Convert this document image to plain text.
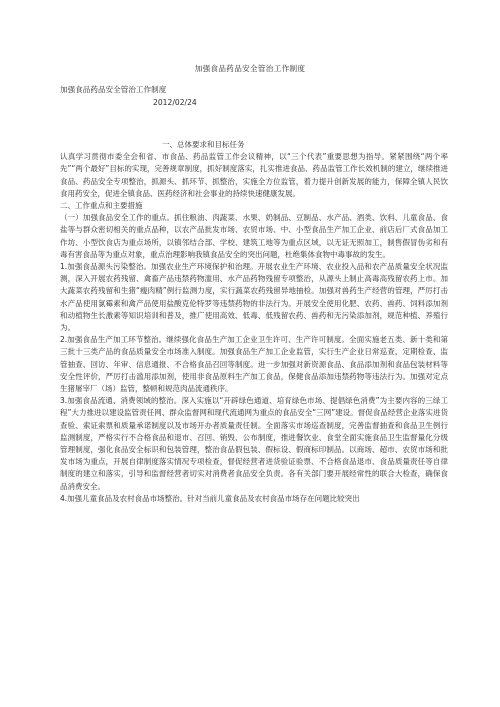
加强食品药品安全管治工作制度
加强食品药品安全管治工作制度
2012/02/24

一、总体要求和目标任务

认真学习贯彻市委全会和省、市食品、药品监管工作会议精神，以“三个代表”重要思想为指导。紧紧围绕“两个率先”“两个最好”目标的实现，完善规章制度，抓好制度落实，扎实推进食品、药品监管工作长效机制的建立，继续推进食品、药品安全专项整治，抓源头、抓环节、抓整治，实施全方位监管，着力提升创新发展的能力，保障全镇人民饮食用药安全，促进全镇食品、医药经济和社会事业的持续快速健康发展。

二、工作重点和主要措施

（一）加强食品安全工作的重点。抓住粮油、肉蔬菜、水果、奶制品、豆制品、水产品、酒类、饮料、儿童食品、食盐等与群众密切相关的重点品种，以农产品批发市场、农贸市场、中、小型食品生产加工企业、前店后厂式食品加工作坊、小型饮食店为重点场所，以镇邻结合部、学校、建筑工地等为重点区域，以无证无照加工，制售假冒伪劣和有毒有害食品等为重点对象，重点治理影响我镇食品安全的突出问题，杜绝集体食物中毒事故的发生。

1.加强食品源头污染整治。加强农业生产环境保护和治理。开展农业生产环境、农业投入品和农产品质量安全状况监测，深入开展农药残留、禽畜产品违禁药物滥用、水产品药物残留专项整治，从源头上制止高毒高残留农药上市。加大蔬菜农药残留和生猪“瘦肉精”例行监测力度，实行蔬菜农药残留异地抽检。加强对兽药生产经营的管理，严厉打击水产品使用氯霉素和禽产品使用盐酸克伦特罗等违禁药物的非法行为。开展安全使用化肥、农药、兽药、饲料添加剂和动植物生长激素等知识培训和普及，推广使用高效、低毒、低残留农药、兽药和无污染添加剂，规范种植、养殖行为。

2.加强食品生产加工环节整治。继续强化食品生产加工企业卫生许可、生产许可制度。全面实施老五类、新十类和第三批十三类产品的食品质量安全市场准入制度。加强食品生产加工企业监管，实行生产企业日常巡查，定期检查、监管抽查、回访、年审、信息通报、不合格食品召回等制度。进一步加强对新资源食品、食品添加剂和食品包装材料等安全性评价，严厉打击滥用添加剂，使用非食品原料生产加工食品，保健食品添加违禁药物等违法行为。加强对定点生猪屠宰厂（场）监管，整顿和规范肉品流通秩序。

3.加强食品流通、消费领域的整治。深入实施以“开辟绿色通道、培育绿色市场、提倡绿色消费”为主要内容的三绿工程”大力推进以建设监管责任网、群众监督网和现代流通网为重点的食品安全“三网”建设。督促食品经营企业落实进货查验、索证索票和质量承诺制度以及市场开办者质量责任制。全面落实市场巡查制度，完善监督抽查和食品卫生例行监测制度，严格实行不合格食品和退市、召回、销毁、公布制度，推进餐饮业、食堂全面实施食品卫生监督量化分级管理制度，强化食品安全标识和包装管理，整治食品假包装、假标设、假商标印制品。以商场、超市、农贸市场和批发市场为重点，开展自律制度落实情况专项检查，督促经营者进货验证验票、不合格食品退市、食品质量责任等自律制度的建立和落实，引导和监督经营者切实对消费者食品安全负责。各有关部门要开展经常性的联合大检查，确保食品消费安全。

4.加强儿童食品及农村食品市场整治。针对当前儿童食品及农村食品市场存在问题比较突出
